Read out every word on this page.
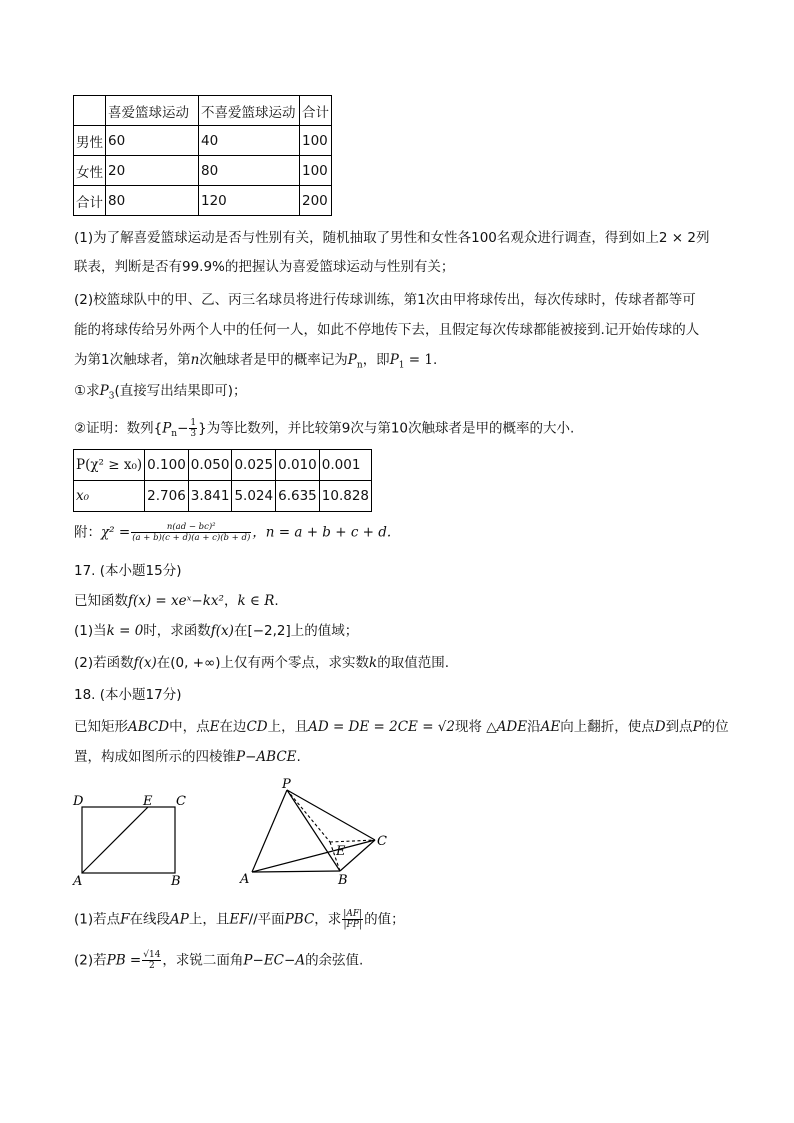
	喜爱篮球运动	不喜爱篮球运动	合计
男性	60	40	100
女性	20	80	100
合计	80	120	200
(1)为了解喜爱篮球运动是否与性别有关，随机抽取了男性和女性各100名观众进行调查，得到如上2 × 2列
联表，判断是否有99.9%的把握认为喜爱篮球运动与性别有关；
(2)校篮球队中的甲、乙、丙三名球员将进行传球训练，第1次由甲将球传出，每次传球时，传球者都等可
能的将球传给另外两个人中的任何一人，如此不停地传下去，且假定每次传球都能被接到.记开始传球的人
为第1次触球者，第n次触球者是甲的概率记为$P_n$，即$P_1 = 1$.
①求$P_3$(直接写出结果即可)；
②证明：数列{$P_n- \frac{1}{3}$ }为等比数列，并比较第9次与第10次触球者是甲的概率的大小.
P(χ² ≥ x₀)	0.100	0.050	0.025	0.010	0.001
x₀	2.706	3.841	5.024	6.635	10.828
附：$\chi^2 = \frac{\text{n(ad − bc)²}}{(a + b)(c + d)(a + c)(b + d)}$ ，n = a + b + c + d.
17. (本小题15分)
已知函数f(x) = xeˣ−kx²，k ∈ R.
(1)当k = 0时，求函数f(x)在[−2,2]上的值域；
(2)若函数f(x)在(0, +∞)上仅有两个零点，求实数k的取值范围.
18. (本小题17分)
已知矩形ABCD中，点E在边CD上，且AD = DE = 2CE = √2现将 △ADE沿AE向上翻折，使点D到点P的位
置，构成如图所示的四棱锥P−ABCE.
D	E C
A	B
P
C
E
A	B
(1)若点F在线段AP上，且EF//平面PBC，求 $\frac{|AF|}{|FP|}$ 的值；
(2)若PB = $\frac{√14}{2}$ ，求锐二面角P−EC−A的余弦值.
